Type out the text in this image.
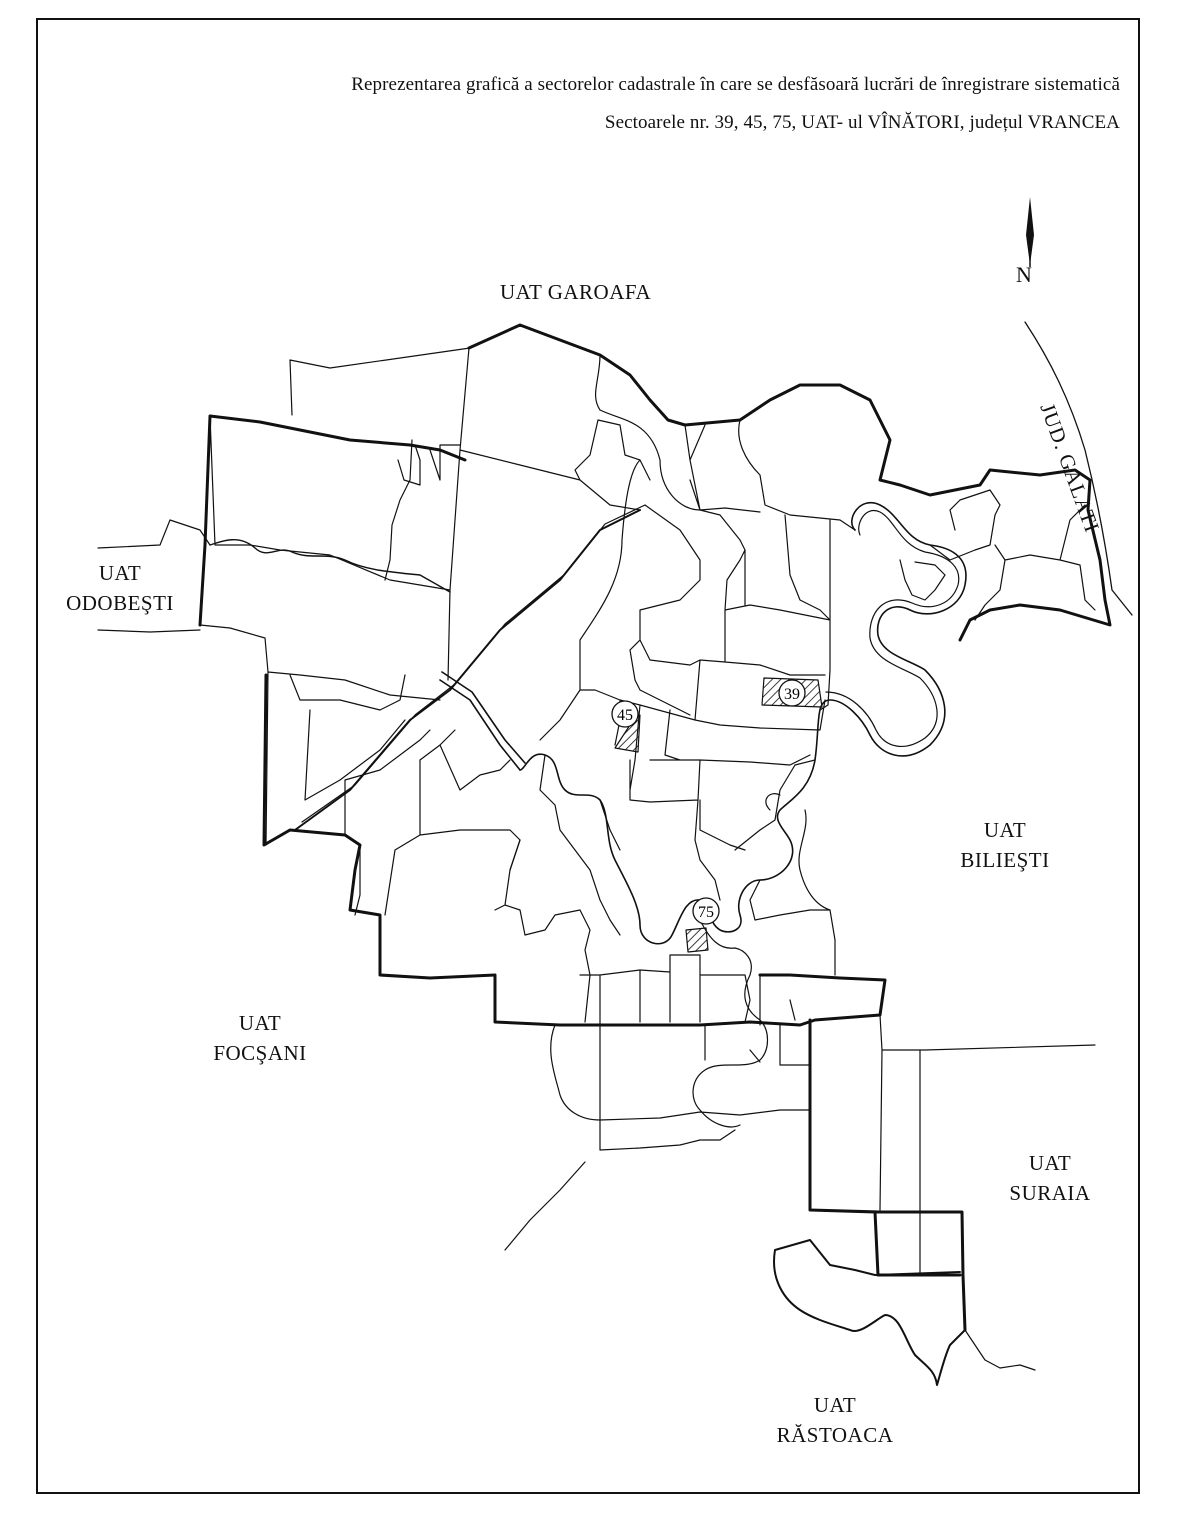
Reprezentarea grafică a sectorelor cadastrale în care se desfăsoară lucrări de înregistrare sistematică
Sectoarele nr. 39, 45, 75, UAT- ul VÎNĂTORI, județul VRANCEA
39
45
75
N
UAT GAROAFA
UAT
ODOBEŞTI
UAT
BILIEŞTI
UAT
FOCŞANI
UAT
SURAIA
UAT
RĂSTOACA
JUD. GALATI
